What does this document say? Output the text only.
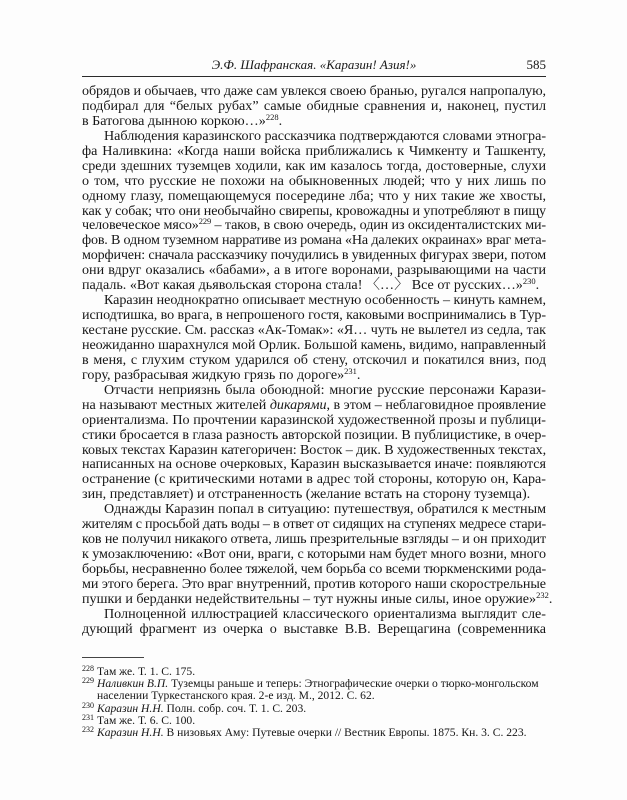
Э.Ф. Шафранская. «Каразин! Азия!»	585
обрядов и обычаев, что даже сам увлекся своею бранью, ругался напропалую,
подбирал для “белых рубах” самые обидные сравнения и, наконец, пустил
в Батогова дынною коркою…»$^{228}$.
Наблюдения каразинского рассказчика подтверждаются словами этногра-
фа Наливкина: «Когда наши войска приближались к Чимкенту и Ташкенту,
среди здешних туземцев ходили, как им казалось тогда, достоверные, слухи
о том, что русские не похожи на обыкновенных людей; что у них лишь по
одному глазу, помещающемуся посередине лба; что у них такие же хвосты,
как у собак; что они необычайно свирепы, кровожадны и употребляют в пищу
человеческое мясо»$^{229}$ – таков, в свою очередь, один из оксиденталистских ми-
фов. В одном туземном нарративе из романа «На далеких окраинах» враг мета-
морфичен: сначала рассказчику почудились в увиденных фигурах звери, потом
они вдруг оказались «бабами», а в итоге воронами, разрывающими на части
падаль. «Вот какая дьявольская сторона стала! 〈…〉 Все от русских…»$^{230}$.
Каразин неоднократно описывает местную особенность – кинуть камнем,
исподтишка, во врага, в непрошеного гостя, каковыми воспринимались в Тур-
кестане русские. См. рассказ «Ак-Томак»: «Я… чуть не вылетел из седла, так
неожиданно шарахнулся мой Орлик. Большой камень, видимо, направленный
в меня, с глухим стуком ударился об стену, отскочил и покатился вниз, под
гору, разбрасывая жидкую грязь по дороге»$^{231}$.
Отчасти неприязнь была обоюдной: многие русские персонажи Карази-
на называют местных жителей дикарями, в этом – неблаговидное проявление
ориентализма. По прочтении каразинской художественной прозы и публици-
стики бросается в глаза разность авторской позиции. В публицистике, в очер-
ковых текстах Каразин категоричен: Восток – дик. В художественных текстах,
написанных на основе очерковых, Каразин высказывается иначе: появляются
остранение (с критическими нотами в адрес той стороны, которую он, Кара-
зин, представляет) и отстраненность (желание встать на сторону туземца).
Однажды Каразин попал в ситуацию: путешествуя, обратился к местным
жителям с просьбой дать воды – в ответ от сидящих на ступенях медресе стари-
ков не получил никакого ответа, лишь презрительные взгляды – и он приходит
к умозаключению: «Вот они, враги, с которыми нам будет много возни, много
борьбы, несравненно более тяжелой, чем борьба со всеми тюркменскими рода-
ми этого берега. Это враг внутренний, против которого наши скорострельные
пушки и берданки недействительны – тут нужны иные силы, иное оружие»$^{232}$.
Полноценной иллюстрацией классического ориентализма выглядит сле-
дующий фрагмент из очерка о выставке В.В. Верещагина (современника
228 Там же. Т. 1. С. 175.
229 Наливкин В.П. Туземцы раньше и теперь: Этнографические очерки о тюрко-монгольском
населении Туркестанского края. 2-е изд. М., 2012. С. 62.
230 Каразин Н.Н. Полн. собр. соч. Т. 1. С. 203.
231 Там же. Т. 6. С. 100.
232 Каразин Н.Н. В низовьях Аму: Путевые очерки // Вестник Европы. 1875. Кн. 3. С. 223.
